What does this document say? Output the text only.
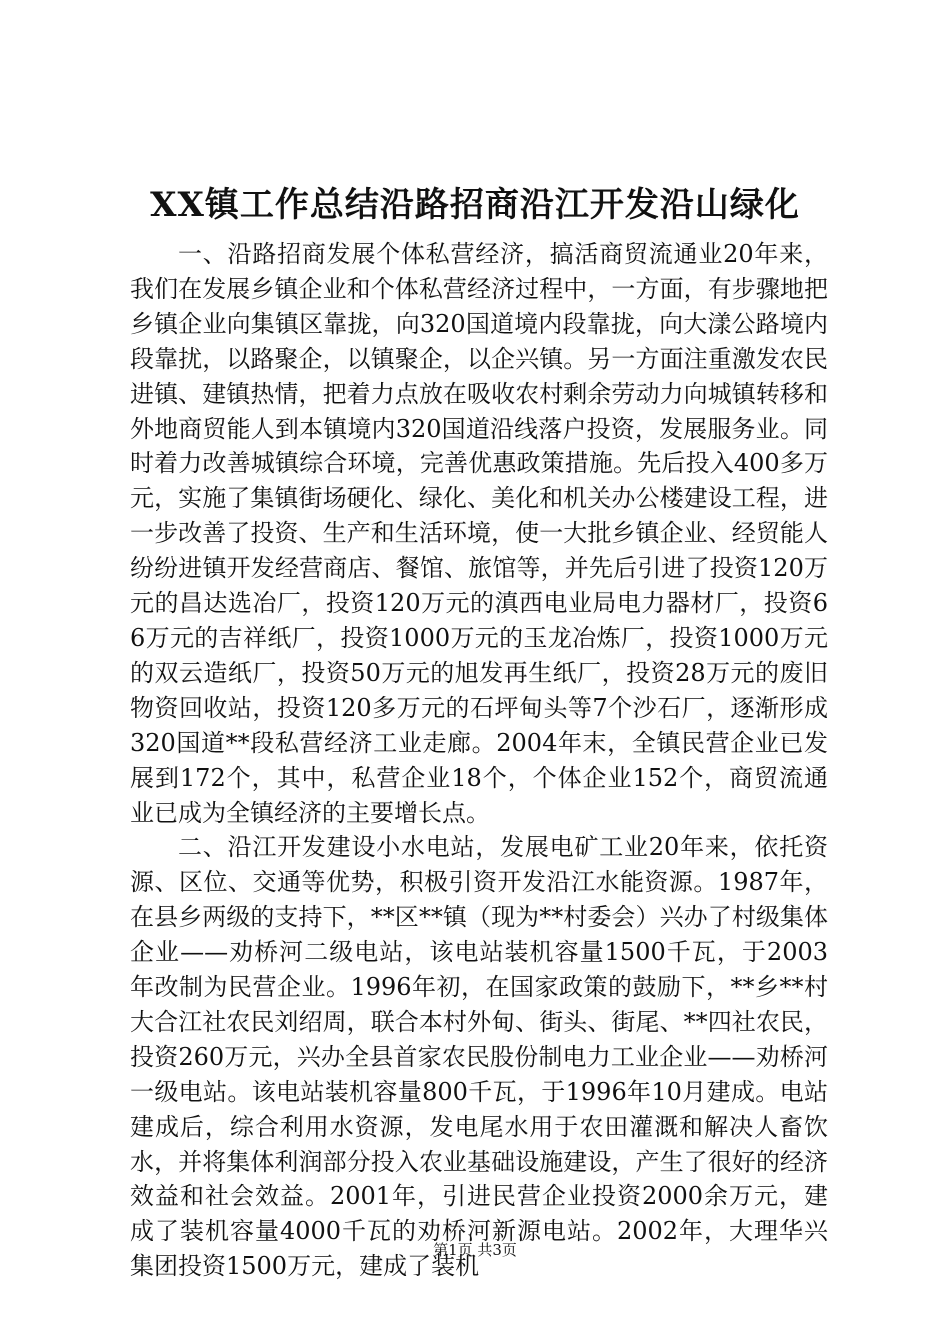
XX镇工作总结沿路招商沿江开发沿山绿化

一、沿路招商发展个体私营经济，搞活商贸流通业20年来，我们在发展乡镇企业和个体私营经济过程中，一方面，有步骤地把乡镇企业向集镇区靠拢，向320国道境内段靠拢，向大漾公路境内段靠扰，以路聚企，以镇聚企，以企兴镇。另一方面注重激发农民进镇、建镇热情，把着力点放在吸收农村剩余劳动力向城镇转移和外地商贸能人到本镇境内320国道沿线落户投资，发展服务业。同时着力改善城镇综合环境，完善优惠政策措施。先后投入400多万元，实施了集镇街场硬化、绿化、美化和机关办公楼建设工程，进一步改善了投资、生产和生活环境，使一大批乡镇企业、经贸能人纷纷进镇开发经营商店、餐馆、旅馆等，并先后引进了投资120万元的昌达选冶厂，投资120万元的滇西电业局电力器材厂，投资66万元的吉祥纸厂，投资1000万元的玉龙冶炼厂，投资1000万元的双云造纸厂，投资50万元的旭发再生纸厂，投资28万元的废旧物资回收站，投资120多万元的石坪甸头等7个沙石厂，逐渐形成320国道**段私营经济工业走廊。2004年末，全镇民营企业已发展到172个，其中，私营企业18个，个体企业152个，商贸流通业已成为全镇经济的主要增长点。

二、沿江开发建设小水电站，发展电矿工业20年来，依托资源、区位、交通等优势，积极引资开发沿江水能资源。1987年，在县乡两级的支持下，**区**镇（现为**村委会）兴办了村级集体企业——劝桥河二级电站，该电站装机容量1500千瓦，于2003年改制为民营企业。1996年初，在国家政策的鼓励下，**乡**村大合江社农民刘绍周，联合本村外甸、街头、街尾、**四社农民，投资260万元，兴办全县首家农民股份制电力工业企业——劝桥河一级电站。该电站装机容量800千瓦，于1996年10月建成。电站建成后，综合利用水资源，发电尾水用于农田灌溉和解决人畜饮水，并将集体利润部分投入农业基础设施建设，产生了很好的经济效益和社会效益。2001年，引进民营企业投资2000余万元，建成了装机容量4000千瓦的劝桥河新源电站。2002年，大理华兴集团投资1500万元，建成了装机

第1页 共3页
